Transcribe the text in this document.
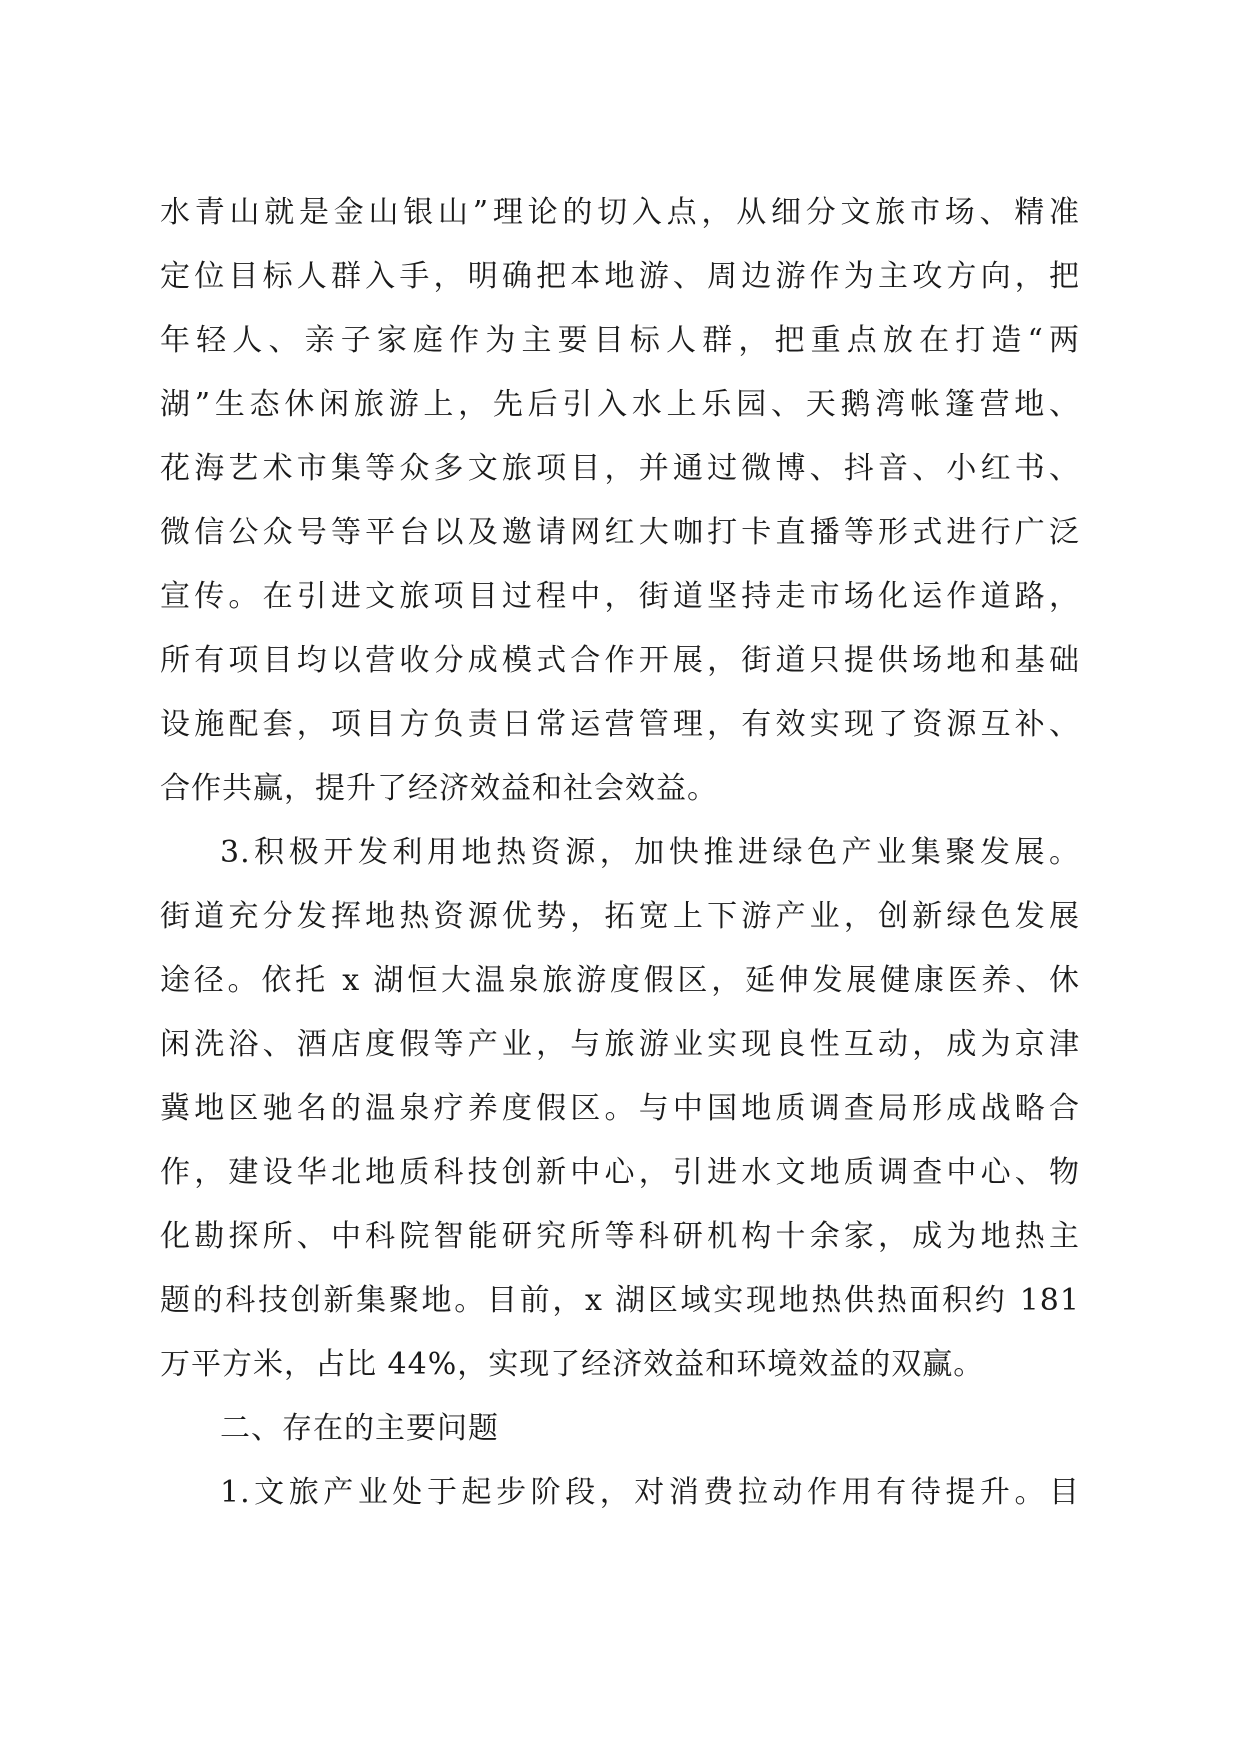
水青山就是金山银山”理论的切入点，从细分文旅市场、精准
定位目标人群入手，明确把本地游、周边游作为主攻方向，把
年轻人、亲子家庭作为主要目标人群，把重点放在打造“两
湖”生态休闲旅游上，先后引入水上乐园、天鹅湾帐篷营地、
花海艺术市集等众多文旅项目，并通过微博、抖音、小红书、
微信公众号等平台以及邀请网红大咖打卡直播等形式进行广泛
宣传。在引进文旅项目过程中，街道坚持走市场化运作道路，
所有项目均以营收分成模式合作开展，街道只提供场地和基础
设施配套，项目方负责日常运营管理，有效实现了资源互补、
合作共赢，提升了经济效益和社会效益。
3.积极开发利用地热资源，加快推进绿色产业集聚发展。
街道充分发挥地热资源优势，拓宽上下游产业，创新绿色发展
途径。依托 x 湖恒大温泉旅游度假区，延伸发展健康医养、休
闲洗浴、酒店度假等产业，与旅游业实现良性互动，成为京津
冀地区驰名的温泉疗养度假区。与中国地质调查局形成战略合
作，建设华北地质科技创新中心，引进水文地质调查中心、物
化勘探所、中科院智能研究所等科研机构十余家，成为地热主
题的科技创新集聚地。目前，x 湖区域实现地热供热面积约 181
万平方米，占比 44%，实现了经济效益和环境效益的双赢。
二、存在的主要问题
1.文旅产业处于起步阶段，对消费拉动作用有待提升。目
